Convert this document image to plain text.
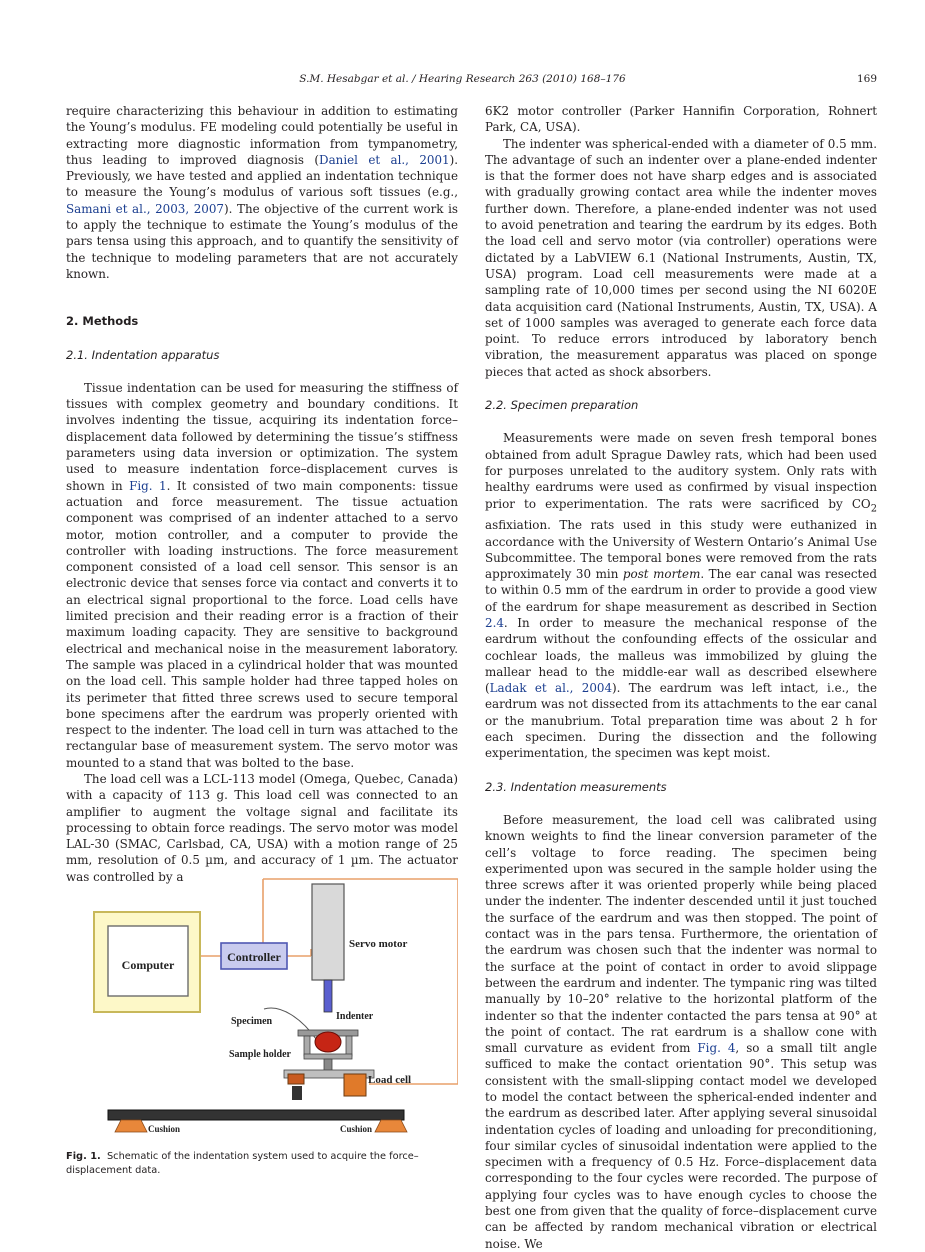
S.M. Hesabgar et al. / Hearing Research 263 (2010) 168–176	169

require characterizing this behaviour in addition to estimating the Young’s modulus. FE modeling could potentially be useful in extracting more diagnostic information from tympanometry, thus leading to improved diagnosis (Daniel et al., 2001). Previously, we have tested and applied an indentation technique to measure the Young’s modulus of various soft tissues (e.g., Samani et al., 2003, 2007). The objective of the current work is to apply the technique to estimate the Young’s modulus of the pars tensa using this approach, and to quantify the sensitivity of the technique to modeling parameters that are not accurately known.

2. Methods
2.1. Indentation apparatus

Tissue indentation can be used for measuring the stiffness of tissues with complex geometry and boundary conditions. It involves indenting the tissue, acquiring its indentation force–displacement data followed by determining the tissue’s stiffness parameters using data inversion or optimization. The system used to measure indentation force–displacement curves is shown in Fig. 1. It consisted of two main components: tissue actuation and force measurement. The tissue actuation component was comprised of an indenter attached to a servo motor, motion controller, and a computer to provide the controller with loading instructions. The force measurement component consisted of a load cell sensor. This sensor is an electronic device that senses force via contact and converts it to an electrical signal proportional to the force. Load cells have limited precision and their reading error is a fraction of their maximum loading capacity. They are sensitive to background electrical and mechanical noise in the measurement laboratory. The sample was placed in a cylindrical holder that was mounted on the load cell. This sample holder had three tapped holes on its perimeter that fitted three screws used to secure temporal bone specimens after the eardrum was properly oriented with respect to the indenter. The load cell in turn was attached to the rectangular base of measurement system. The servo motor was mounted to a stand that was bolted to the base.

The load cell was a LCL-113 model (Omega, Quebec, Canada) with a capacity of 113 g. This load cell was connected to an amplifier to augment the voltage signal and facilitate its processing to obtain force readings. The servo motor was model LAL-30 (SMAC, Carlsbad, CA, USA) with a motion range of 25 mm, resolution of 0.5 µm, and accuracy of 1 µm. The actuator was controlled by a

Computer
Controller
Servo motor
Indenter
Specimen
Sample holder
Load cell
Cushion	Cushion
Fig. 1. Schematic of the indentation system used to acquire the force–displacement data.

6K2 motor controller (Parker Hannifin Corporation, Rohnert Park, CA, USA).

The indenter was spherical-ended with a diameter of 0.5 mm. The advantage of such an indenter over a plane-ended indenter is that the former does not have sharp edges and is associated with gradually growing contact area while the indenter moves further down. Therefore, a plane-ended indenter was not used to avoid penetration and tearing the eardrum by its edges. Both the load cell and servo motor (via controller) operations were dictated by a LabVIEW 6.1 (National Instruments, Austin, TX, USA) program. Load cell measurements were made at a sampling rate of 10,000 times per second using the NI 6020E data acquisition card (National Instruments, Austin, TX, USA). A set of 1000 samples was averaged to generate each force data point. To reduce errors introduced by laboratory bench vibration, the measurement apparatus was placed on sponge pieces that acted as shock absorbers.

2.2. Specimen preparation

Measurements were made on seven fresh temporal bones obtained from adult Sprague Dawley rats, which had been used for purposes unrelated to the auditory system. Only rats with healthy eardrums were used as confirmed by visual inspection prior to experimentation. The rats were sacrificed by $CO_2$ asfixiation. The rats used in this study were euthanized in accordance with the University of Western Ontario’s Animal Use Subcommittee. The temporal bones were removed from the rats approximately 30 min post mortem. The ear canal was resected to within 0.5 mm of the eardrum in order to provide a good view of the eardrum for shape measurement as described in Section 2.4. In order to measure the mechanical response of the eardrum without the confounding effects of the ossicular and cochlear loads, the malleus was immobilized by gluing the mallear head to the middle-ear wall as described elsewhere (Ladak et al., 2004). The eardrum was left intact, i.e., the eardrum was not dissected from its attachments to the ear canal or the manubrium. Total preparation time was about 2 h for each specimen. During the dissection and the following experimentation, the specimen was kept moist.

2.3. Indentation measurements

Before measurement, the load cell was calibrated using known weights to find the linear conversion parameter of the cell’s voltage to force reading. The specimen being experimented upon was secured in the sample holder using the three screws after it was oriented properly while being placed under the indenter. The indenter descended until it just touched the surface of the eardrum and was then stopped. The point of contact was in the pars tensa. Furthermore, the orientation of the eardrum was chosen such that the indenter was normal to the surface at the point of contact in order to avoid slippage between the eardrum and indenter. The tympanic ring was tilted manually by 10–20° relative to the horizontal platform of the indenter so that the indenter contacted the pars tensa at 90° at the point of contact. The rat eardrum is a shallow cone with small curvature as evident from Fig. 4, so a small tilt angle sufficed to make the contact orientation 90°. This setup was consistent with the small-slipping contact model we developed to model the contact between the spherical-ended indenter and the eardrum as described later. After applying several sinusoidal indentation cycles of loading and unloading for preconditioning, four similar cycles of sinusoidal indentation were applied to the specimen with a frequency of 0.5 Hz. Force–displacement data corresponding to the four cycles were recorded. The purpose of applying four cycles was to have enough cycles to choose the best one from given that the quality of force–displacement curve can be affected by random mechanical vibration or electrical noise. We
